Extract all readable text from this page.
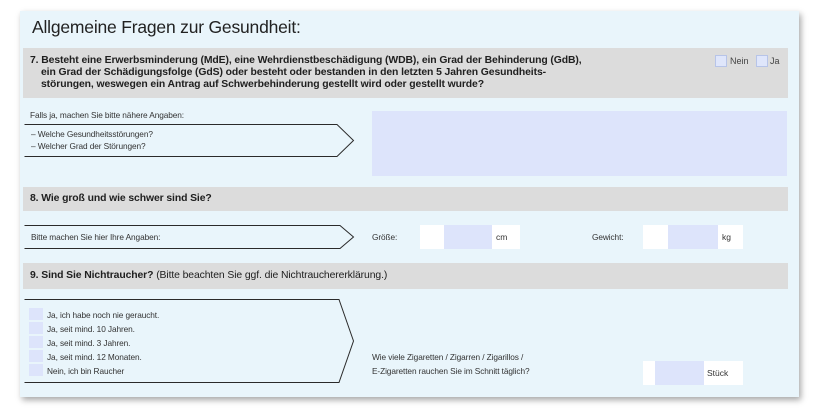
Allgemeine Fragen zur Gesundheit:
7. Besteht eine Erwerbsminderung (MdE), eine Wehrdienstbeschädigung (WDB), ein Grad der Behinderung (GdB),
ein Grad der Schädigungsfolge (GdS) oder besteht oder bestanden in den letzten 5 Jahren Gesundheits-
störungen, weswegen ein Antrag auf Schwerbehinderung gestellt wird oder gestellt wurde?
Nein Ja
Falls ja, machen Sie bitte nähere Angaben:
– Welche Gesundheitsstörungen?
– Welcher Grad der Störungen?
8. Wie groß und wie schwer sind Sie?
Bitte machen Sie hier Ihre Angaben:	Größe:	cm	Gewicht:	kg
9. Sind Sie Nichtraucher? (Bitte beachten Sie ggf. die Nichtrauchererklärung.)
Ja, ich habe noch nie geraucht.
Ja, seit mind. 10 Jahren.
Ja, seit mind. 3 Jahren.
Ja, seit mind. 12 Monaten.
Nein, ich bin Raucher
Wie viele Zigaretten / Zigarren / Zigarillos /
E-Zigaretten rauchen Sie im Schnitt täglich?	Stück
